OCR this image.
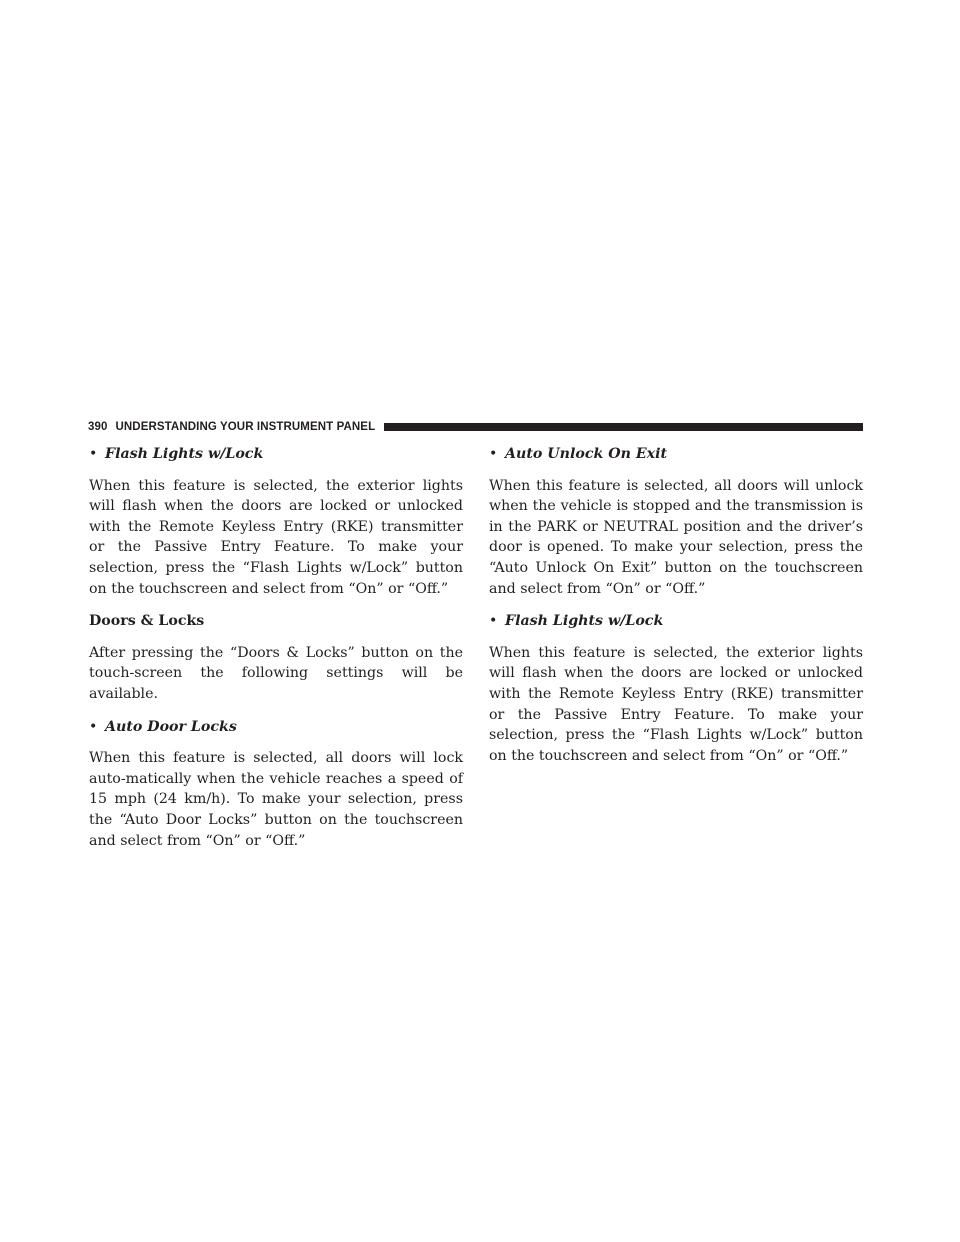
390 UNDERSTANDING YOUR INSTRUMENT PANEL

• Flash Lights w/Lock

When this feature is selected, the exterior lights will flash when the doors are locked or unlocked with the Remote Keyless Entry (RKE) transmitter or the Passive Entry Feature. To make your selection, press the “Flash Lights w/Lock” button on the touchscreen and select from “On” or “Off.”

Doors & Locks

After pressing the “Doors & Locks” button on the touch-screen the following settings will be available.

• Auto Door Locks

When this feature is selected, all doors will lock auto-matically when the vehicle reaches a speed of 15 mph (24 km/h). To make your selection, press the “Auto Door Locks” button on the touchscreen and select from “On” or “Off.”

• Auto Unlock On Exit

When this feature is selected, all doors will unlock when the vehicle is stopped and the transmission is in the PARK or NEUTRAL position and the driver’s door is opened. To make your selection, press the “Auto Unlock On Exit” button on the touchscreen and select from “On” or “Off.”

• Flash Lights w/Lock

When this feature is selected, the exterior lights will flash when the doors are locked or unlocked with the Remote Keyless Entry (RKE) transmitter or the Passive Entry Feature. To make your selection, press the “Flash Lights w/Lock” button on the touchscreen and select from “On” or “Off.”
